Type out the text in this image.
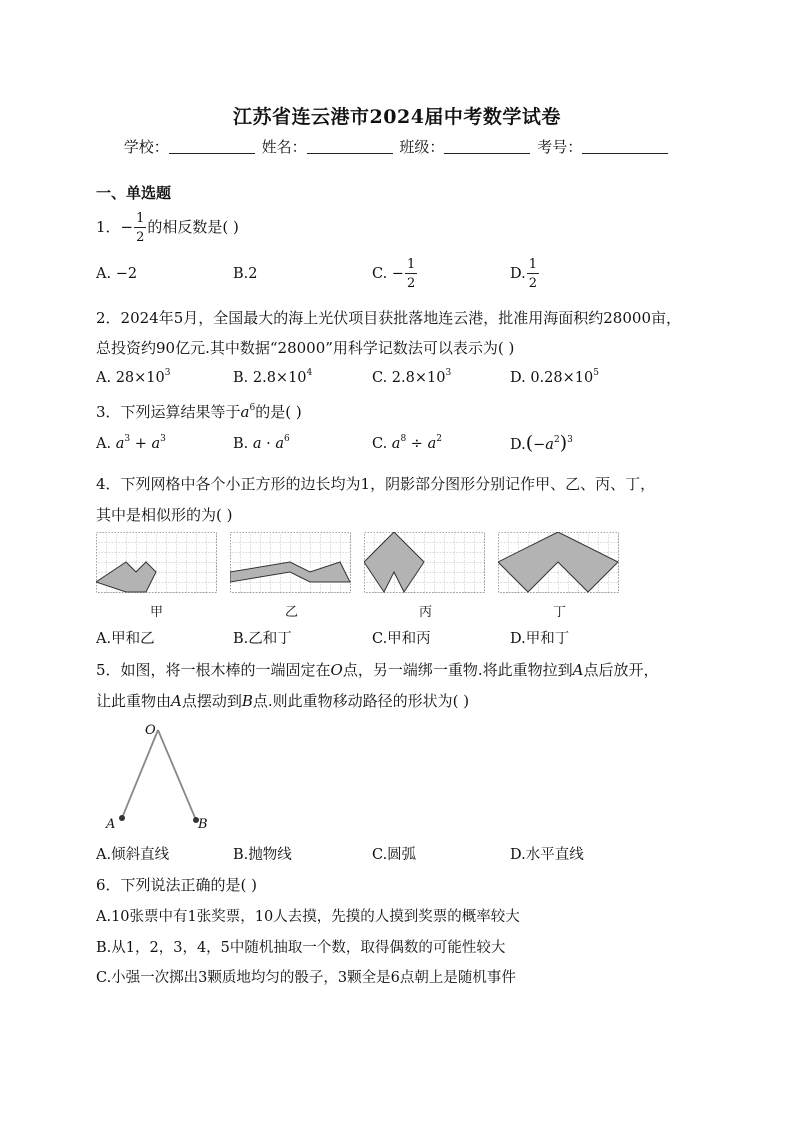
江苏省连云港市2024届中考数学试卷
学校：	姓名：	班级：	考号：
一、单选题
1．− $\frac{1}{2}$ 的相反数是( )
A. −2	B.2	C. − $\frac{1}{2}$	D. $\frac{1}{2}$
2．2024年5月，全国最大的海上光伏项目获批落地连云港，批准用海面积约28000亩，
总投资约90亿元.其中数据“28000”用科学记数法可以表示为( )
A. $28\times 10^3$	B. $2.8\times 10^4$	C. $2.8\times 10^3$	D. $0.28\times 10^5$
3．下列运算结果等于$a^6$的是( )
A. $a^3 + a^3$	B. $a \cdot a^6$	C. $a^8 \div a^2$	$D.(-a^2)^3$
4．下列网格中各个小正方形的边长均为1，阴影部分图形分别记作甲、乙、丙、丁，
其中是相似形的为( )
甲	乙	丙	丁
A.甲和乙	B.乙和丁	C.甲和丙	D.甲和丁
5．如图，将一根木棒的一端固定在O点，另一端绑一重物.将此重物拉到A点后放开，
让此重物由A点摆动到B点.则此重物移动路径的形状为( )
O
A	B
A.倾斜直线	B.抛物线	C.圆弧	D.水平直线
6．下列说法正确的是( )
A.10张票中有1张奖票，10人去摸，先摸的人摸到奖票的概率较大
B.从1，2，3，4，5中随机抽取一个数，取得偶数的可能性较大
C.小强一次掷出3颗质地均匀的骰子，3颗全是6点朝上是随机事件
